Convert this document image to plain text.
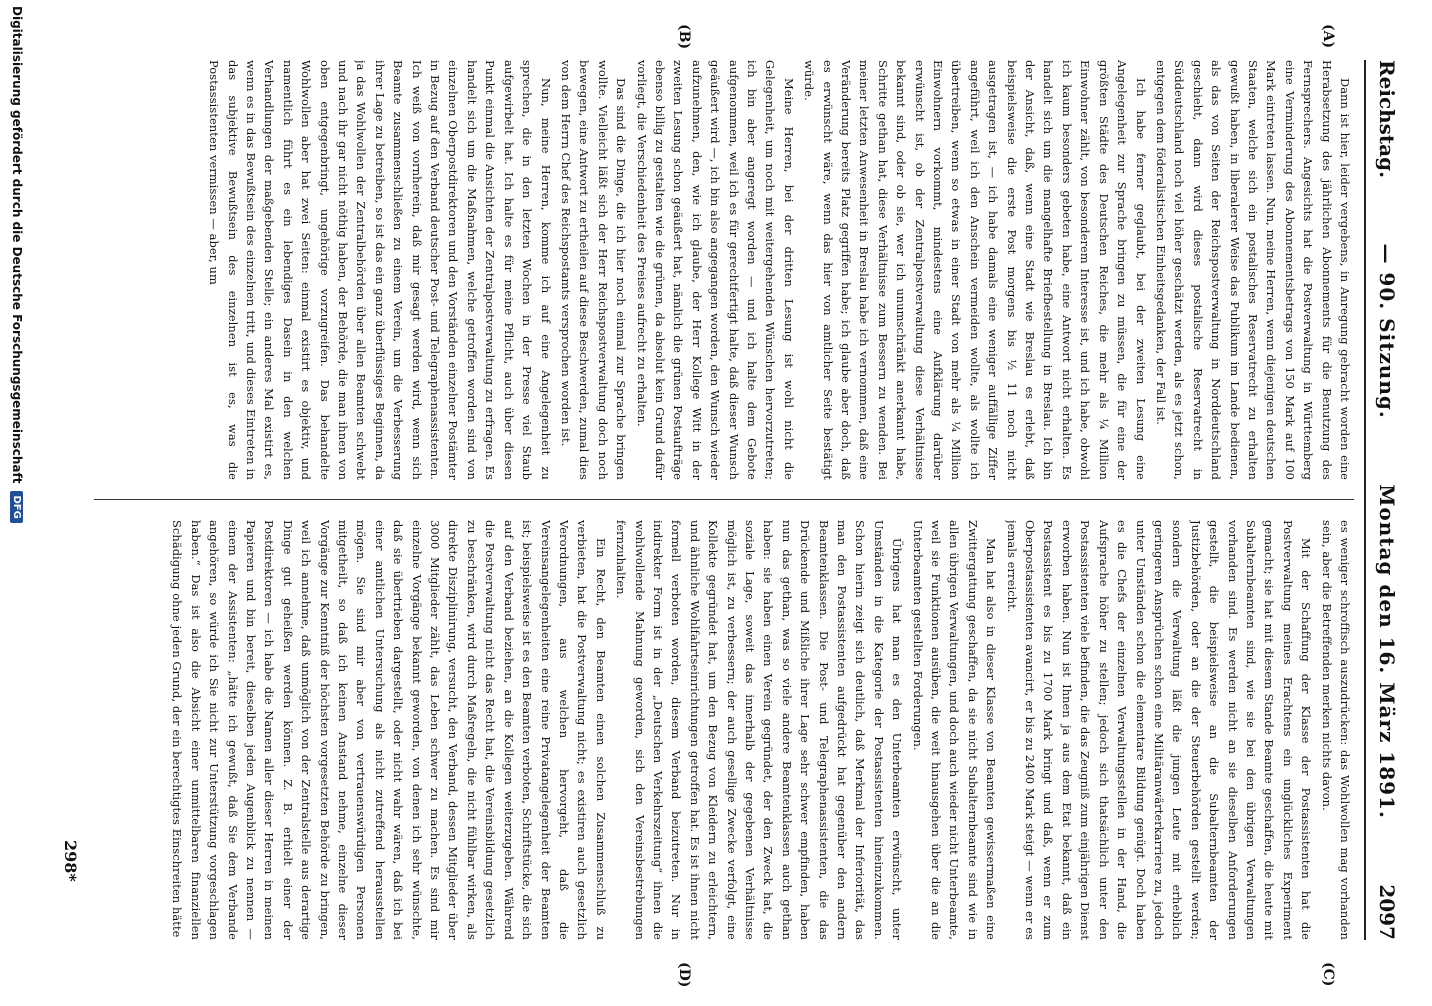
Reichstag.
— 90. Sitzung.
Montag den 16. März 1891.
2097
(A)
(B)
(C)
(D)

Dann ist hier, leider vergebens, in Anregung gebracht worden eine Herabsetzung des jährlichen Abonnements für die Benutzung des Fernsprechers. Angesichts hat die Postverwaltung in Württemberg eine Verminderung des Abonnementsbetrags von 150 Mark auf 100 Mark eintreten lassen. Nun, meine Herren, wenn diejenigen deutschen Staaten, welche sich ein postalisches Reservatrecht zu erhalten gewußt haben, in liberalerer Weise das Publikum im Lande bedienen, als das von Seiten der Reichspostverwaltung in Norddeutschland geschieht, dann wird dieses postalische Reservatrecht in Süddeutschland noch viel höher geschätzt werden, als es jetzt schon, entgegen dem föderalistischen Einheitsgedanken, der Fall ist.

Ich habe ferner geglaubt, bei der zweiten Lesung eine Angelegenheit zur Sprache bringen zu müssen, die für eine der größten Städte des Deutschen Reiches, die mehr als ¼ Million Einwohner zählt, von besonderem Interesse ist, und ich habe, obwohl ich kaum besonders gebeten habe, eine Antwort nicht erhalten. Es handelt sich um die mangelhafte Briefbestellung in Breslau. Ich bin der Ansicht, daß, wenn eine Stadt wie Breslau es erlebt, daß beispielsweise die erste Post morgens bis ½ 11 noch nicht ausgetragen ist, — ich habe damals eine weniger auffällige Ziffer angeführt, weil ich den Anschein vermeiden wollte, als wollte ich übertreiben, wenn so etwas in einer Stadt von mehr als ¼ Million Einwohnern vorkommt, mindestens eine Aufklärung darüber erwünscht ist, ob der Zentralpostverwaltung diese Verhältnisse bekannt sind, oder ob sie, wer ich unumschränkt anerkannt habe, Schritte gethan hat, diese Verhältnisse zum Bessern zu wenden. Bei meiner letzten Anwesenheit in Breslau habe ich vernommen, daß eine Veränderung bereits Platz gegriffen habe; ich glaube aber doch, daß es erwünscht wäre, wenn das hier von amtlicher Seite bestätigt würde.

Meine Herren, bei der dritten Lesung ist wohl nicht die Gelegenheit, um noch mit weitergehenden Wünschen hervorzutreten; ich bin aber angeregt worden — und ich halte dem Gebote aufgenommen, weil ich es für gerechtfertigt halte, daß dieser Wunsch geäußert wird —, ich bin also angegangen worden, den Wunsch wieder aufzunehmen, den, wie ich glaube, der Herr Kollege Witt in der zweiten Lesung schon geäußert hat, nämlich die grünen Postaufträge ebenso billig zu gestalten wie die grünen, da absolut kein Grund dafür vorliegt, die Verschiedenheit des Preises aufrecht zu erhalten.

Das sind die Dinge, die ich hier noch einmal zur Sprache bringen wollte. Vielleicht läßt sich der Herr Reichspostverwaltung doch noch bewegen, eine Antwort zu ertheilen auf diese Beschwerden, zumal dies von dem Herrn Chef des Reichspostamts versprochen worden ist.

Nun, meine Herren, komme ich auf eine Angelegenheit zu sprechen, die in den letzten Wochen in der Presse viel Staub aufgewirbelt hat. Ich halte es für meine Pflicht, auch über diesen Punkt einmal die Ansichten der Zentralpostverwaltung zu erfragen. Es handelt sich um die Maßnahmen, welche getroffen worden sind von einzelnen Oberpostdirektoren und den Vorständen einzelner Postämter in Bezug auf den Verband deutscher Post- und Telegraphenassistenten. Ich weiß von vornherein, daß mir gesagt werden wird, wenn sich Beamte zusammenschließen zu einem Verein, um die Verbesserung ihrer Lage zu betreiben, so ist das ein ganz überflüssiges Beginnen, da ja das Wohlwollen der Zentralbehörden über allen Beamten schwebt und nach ihr gar nicht nöthig haben, der Behörde, die man ihnen von oben entgegenbringt, ungehörige vorzugreifen. Das behandelte Wohlwollen aber hat zwei Seiten: einmal existirt es objektiv, und namentlich führt es ein lebendiges Dasein in den welchen Verhandlungen der maßgebenden Stelle; ein anderes Mal existirt es, wenn es in das Bewußtsein des einzelnen tritt, und dieses Eintreten in das subjektive Bewußtsein des einzelnen ist es, was die Postassistenten vermissen — aber, um

es weniger schroffisch auszudrücken: das Wohlwollen mag vorhanden sein, aber die Betreffenden merken nichts davon.

Mit der Schaffung der Klasse der Postassistenten hat die Postverwaltung meines Erachtens ein unglückliches Experiment gemacht; sie hat mit diesem Stande Beamte geschaffen, die heute mit Subalternbeamten sind, wie sie bei den übrigen Verwaltungen vorhanden sind. Es werden nicht an sie dieselben Anforderungen gestellt, die beispielsweise an die Subalternbeamten der Justizbehörden, oder an die der Steuerbehörden gestellt werden; sondern die Verwaltung läßt die jungen Leute mit erheblich geringeren Ansprüchen schon eine Militäranwärterkarriere zu, jedoch unter Umständen schon die elementare Bildung genügt. Doch haben es die Chefs der einzelnen Verwaltungsstellen in der Hand, die Aufsprache höher zu stellen; jedoch sich thatsächlich unter den Postassistenten viele befinden, die das Zeugniß zum einjährigen Dienst erworben haben. Nun ist Ihnen ja aus dem Etat bekannt, daß ein Postassistent es bis zu 1700 Mark bringt und daß, wenn er zum Oberpostassistenten avancirt, er bis zu 2400 Mark steigt — wenn er es jemals erreicht.

Man hat also in dieser Klasse von Beamten gewissermaßen eine Zwittergattung geschaffen, da sie nicht Subalternbeamte sind wie in allen übrigen Verwaltungen, und doch auch wieder nicht Unterbeamte, weil sie Funktionen ausüben, die weit hinausgehen über die an die Unterbeamten gestellten Forderungen.

Übrigens hat man es den Unterbeamten erwünscht, unter Umständen in die Kategorie der Postassistenten hineinzukommen. Schon hierin zeigt sich deutlich, daß Merkmal der Inferiorität, das man den Postassistenten aufgedrückt hat gegenüber den andern Beamtenklassen. Die Post- und Telegraphenassistenten, die das Drückende und Mißliche ihrer Lage sehr schwer empfinden, haben nun das gethan, was so viele andere Beamtenklassen auch gethan haben: sie haben einen Verein gegründet, der den Zweck hat, die soziale Lage, soweit das innerhalb der gegebenen Verhältnisse möglich ist, zu verbessern; der auch gesellige Zwecke verfolgt, eine Kollekte gegründet hat, um den Bezug von Kleidern zu erleichtern, und ähnliche Wohlfahrtseinrichtungen getroffen hat. Es ist ihnen nicht formell verboten worden, diesem Verband beizutreten. Nur in indirekter Form ist in der „Deutschen Verkehrszeitung“ ihnen die wohlwollende Mahnung geworden, sich den Vereinsbestrebungen fernzuhalten.

Ein Recht, den Beamten einen solchen Zusammenschluß zu verbieten, hat die Postverwaltung nicht; es existiren auch gesetzlich Verordnungen, aus welchen hervorgeht, daß die Vereinsangelegenheiten eine reine Privatangelegenheit der Beamten ist; beispielsweise ist es den Beamten verboten, Schriftstücke, die sich auf den Verband beziehen, an die Kollegen weiterzugeben. Während die Postverwaltung nicht das Recht hat, die Vereinsbildung gesetzlich zu beschränken, wird durch Maßregeln, die nicht fühlbar wirken, als direkte Disziplinirung, versucht, den Verband, dessen Mitglieder über 3000 Mitglieder zählt, das Leben schwer zu machen. Es sind mir einzelne Vorgänge bekannt geworden, von denen ich sehr wünschte, daß sie übertrieben dargestellt, oder nicht wahr wären, daß ich bei einer amtlichen Untersuchung als nicht zutreffend herausstellen mögen. Sie sind mir aber von vertrauenswürdigen Personen mitgetheilt, so daß ich keinen Anstand nehme, einzelne dieser Vorgänge zur Kenntniß der höchsten vorgesetzten Behörde zu bringen, weil ich annehme, daß unmöglich von der Zentralstelle aus derartige Dinge gut geheißen werden können. Z. B. erhielt einer der Postdirektoren — ich habe die Namen aller dieser Herren in meinen Papieren und bin bereit, dieselben jeden Augenblick zu nennen — einem der Assistenten: „hätte ich gewußt, daß Sie dem Verbande angehören, so würde ich Sie nicht zur Unterstützung vorgeschlagen haben.“ Das ist also die Absicht einer unmittelbaren finanziellen Schädigung ohne jeden Grund, der ein berechtigtes Einschreiten hätte

298*
Digitalisierung gefördert durch die Deutsche Forschungsgemeinschaft
DFG
